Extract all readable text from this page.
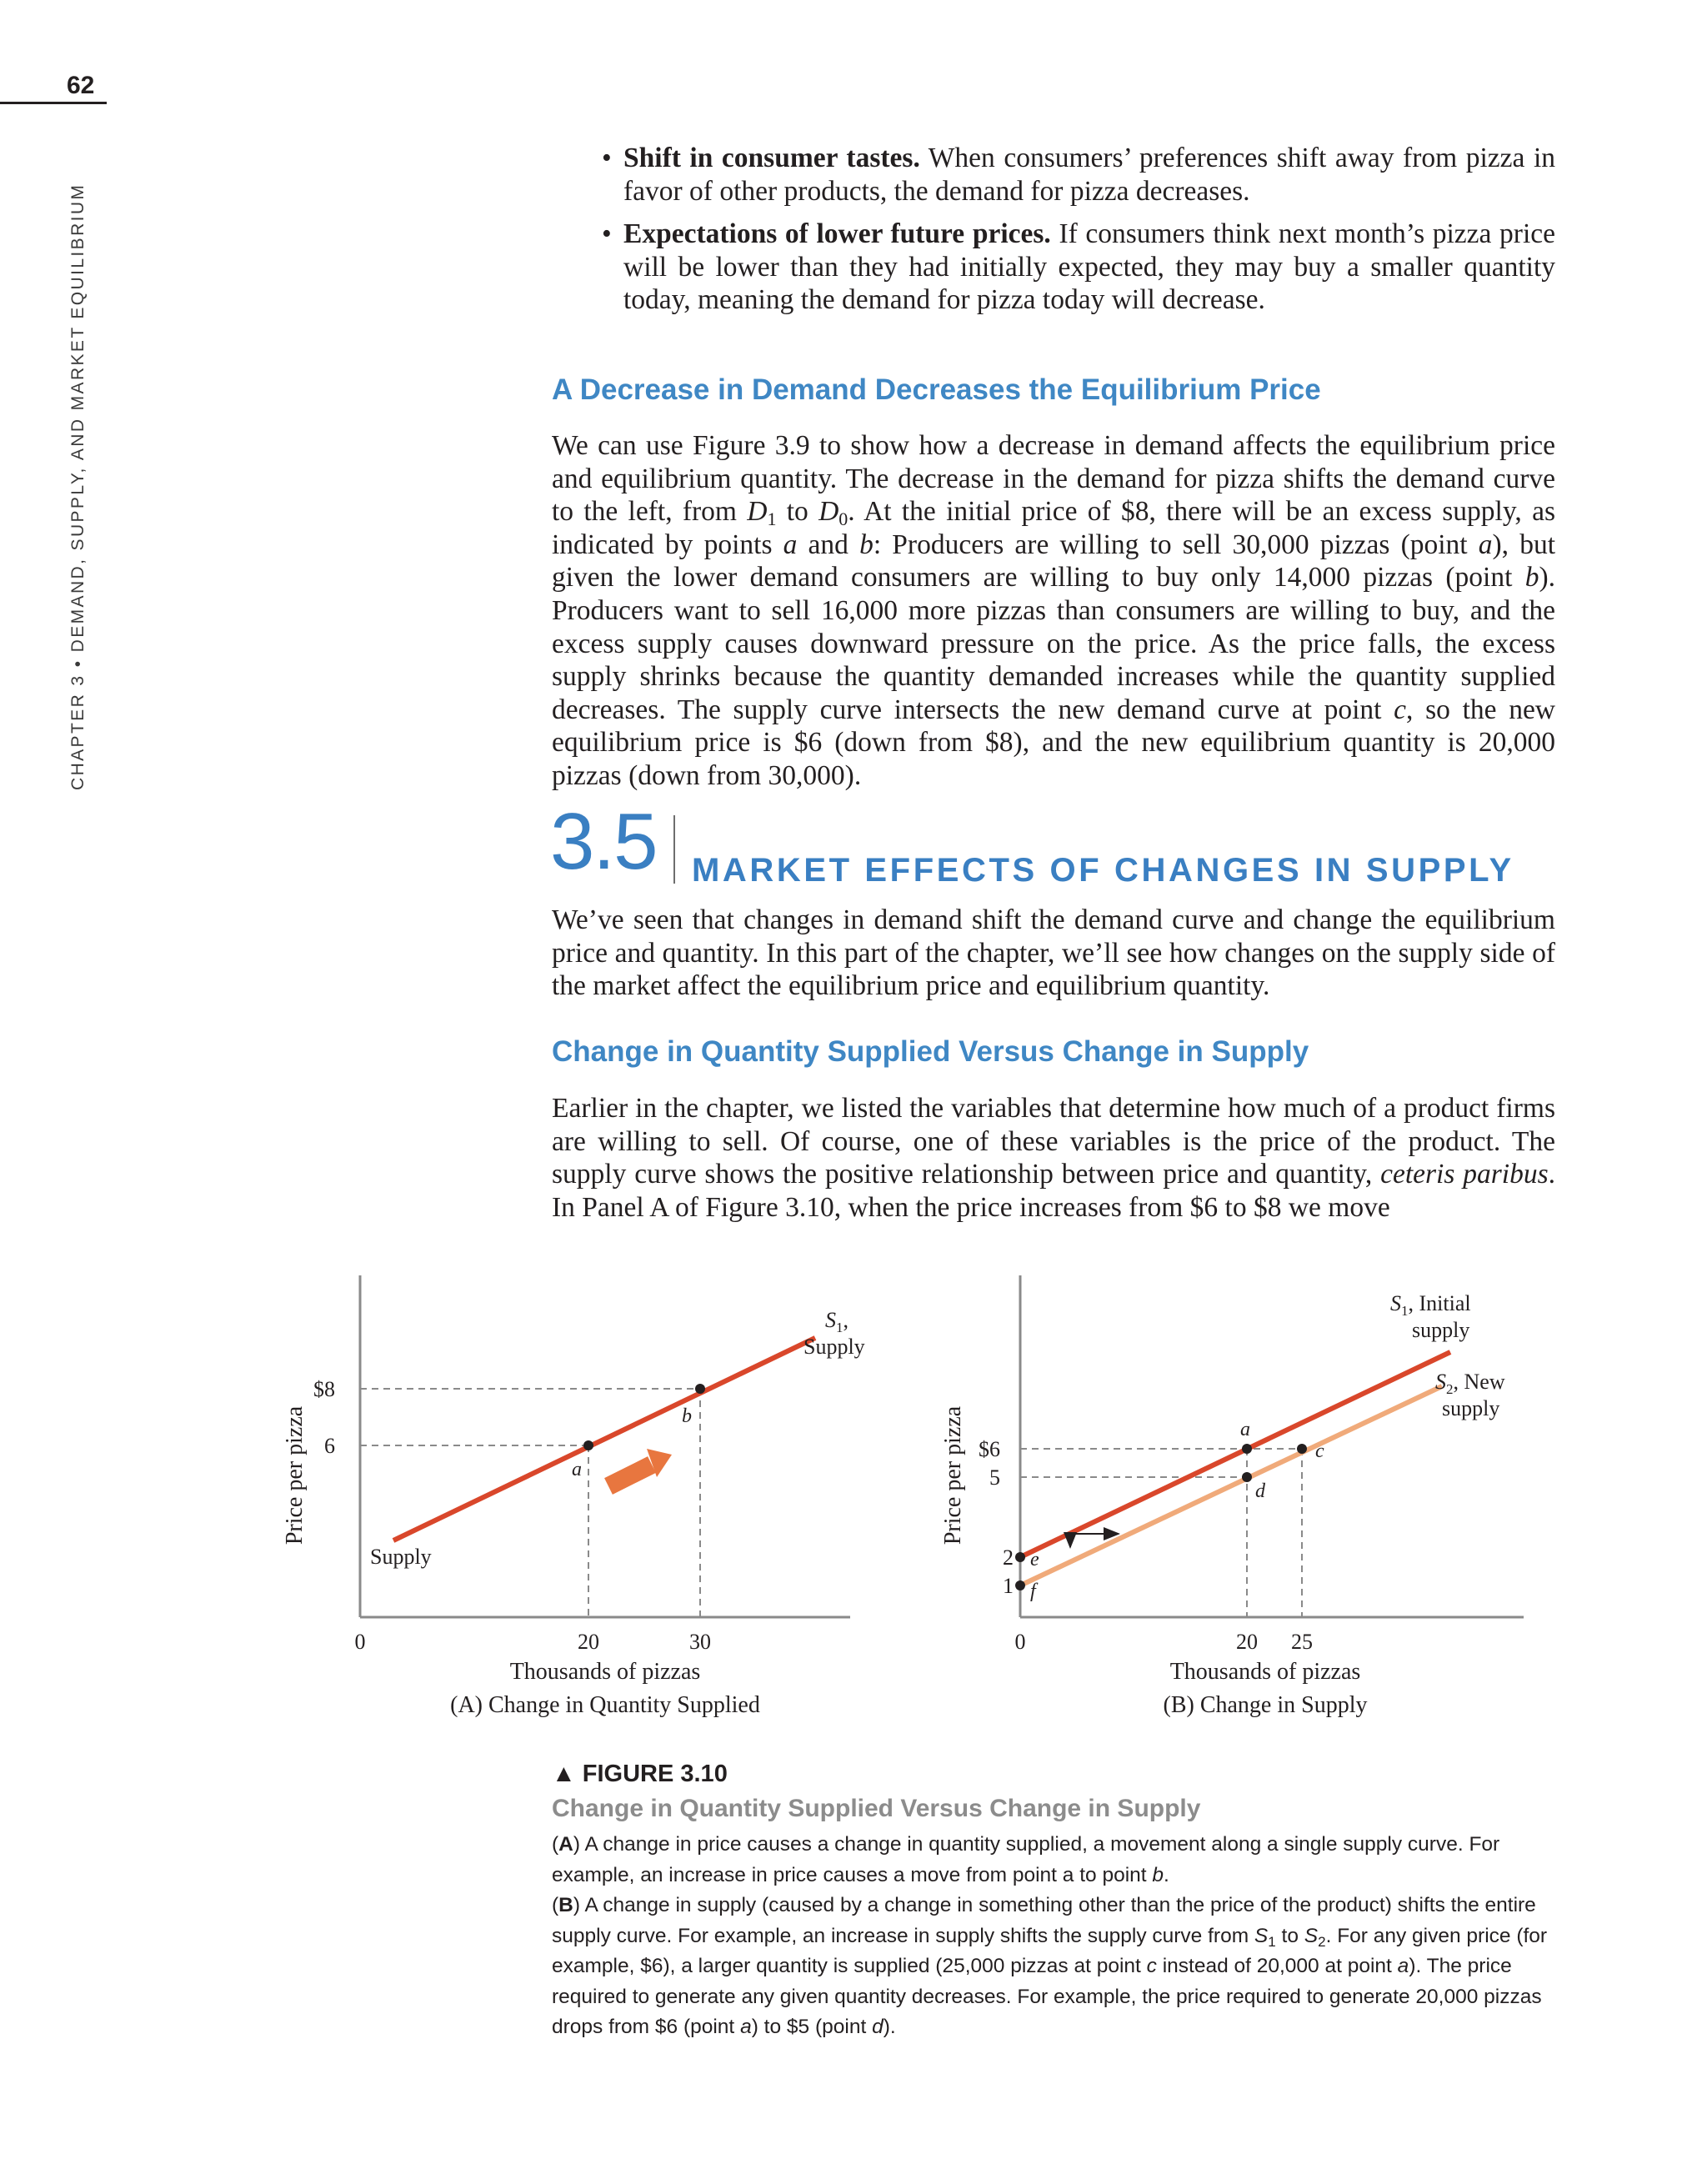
62
CHAPTER 3 • DEMAND, SUPPLY, AND MARKET EQUILIBRIUM
• Shift in consumer tastes. When consumers’ preferences shift away from pizza in favor of other products, the demand for pizza decreases.
• Expectations of lower future prices. If consumers think next month’s pizza price will be lower than they had initially expected, they may buy a smaller quantity today, meaning the demand for pizza today will decrease.
A Decrease in Demand Decreases the Equilibrium Price
We can use Figure 3.9 to show how a decrease in demand affects the equilibrium price and equilibrium quantity. The decrease in the demand for pizza shifts the demand curve to the left, from $D_1$ to $D_0$. At the initial price of $8, there will be an excess supply, as indicated by points a and b: Producers are willing to sell 30,000 pizzas (point a), but given the lower demand consumers are willing to buy only 14,000 pizzas (point b). Producers want to sell 16,000 more pizzas than consumers are willing to buy, and the excess supply causes downward pressure on the price. As the price falls, the excess supply shrinks because the quantity demanded increases while the quantity supplied decreases. The supply curve intersects the new demand curve at point c, so the new equilibrium price is $6 (down from $8), and the new equilibrium quantity is 20,000 pizzas (down from 30,000).
3.5 MARKET EFFECTS OF CHANGES IN SUPPLY
We’ve seen that changes in demand shift the demand curve and change the equilibrium price and quantity. In this part of the chapter, we’ll see how changes on the supply side of the market affect the equilibrium price and equilibrium quantity.
Change in Quantity Supplied Versus Change in Supply
Earlier in the chapter, we listed the variables that determine how much of a product firms are willing to sell. Of course, one of these variables is the price of the product. The supply curve shows the positive relationship between price and quantity, ceteris paribus. In Panel A of Figure 3.10, when the price increases from $6 to $8 we move
Price per pizza
$8
6
0	20	30
a
b
Supply
$S_1$,
Supply
Thousands of pizzas
(A) Change in Quantity Supplied
Price per pizza $6
5
2
1
0	20 25
a
c
d
e
f
$S_1$, Initial
supply
$S_2$, New
supply
Thousands of pizzas
(B) Change in Supply
▲ FIGURE 3.10
Change in Quantity Supplied Versus Change in Supply
(A) A change in price causes a change in quantity supplied, a movement along a single supply curve. For example, an increase in price causes a move from point a to point b.
(B) A change in supply (caused by a change in something other than the price of the product) shifts the entire supply curve. For example, an increase in supply shifts the supply curve from $S_1$ to $S_2$. For any given price (for example, $6), a larger quantity is supplied (25,000 pizzas at point c instead of 20,000 at point a). The price required to generate any given quantity decreases. For example, the price required to generate 20,000 pizzas drops from $6 (point a) to $5 (point d).
